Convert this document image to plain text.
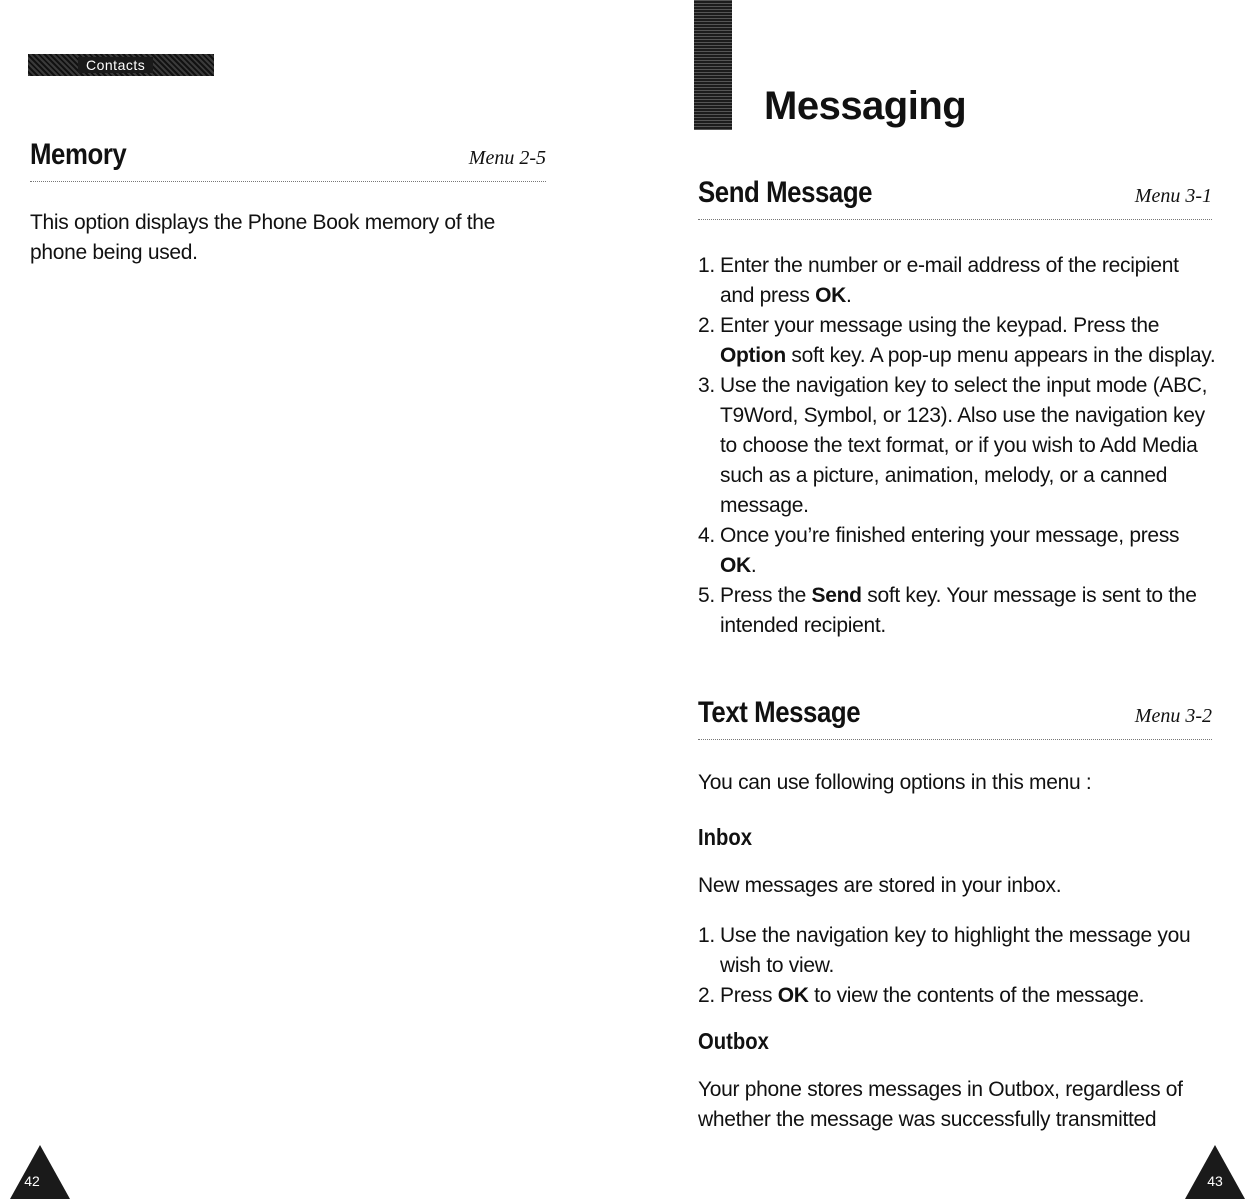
Contacts
Memory	Menu 2-5

This option displays the Phone Book memory of the phone being used.

42
Messaging
Send Message	Menu 3-1
1. Enter the number or e-mail address of the recipient and press OK.
2. Enter your message using the keypad. Press the Option soft key. A pop-up menu appears in the display.
3. Use the navigation key to select the input mode (ABC, T9Word, Symbol, or 123). Also use the navigation key to choose the text format, or if you wish to Add Media such as a picture, animation, melody, or a canned message.
4. Once you’re finished entering your message, press OK.
5. Press the Send soft key. Your message is sent to the intended recipient.
Text Message	Menu 3-2

You can use following options in this menu :

Inbox

New messages are stored in your inbox.

1. Use the navigation key to highlight the message you wish to view.
2. Press OK to view the contents of the message.
Outbox

Your phone stores messages in Outbox, regardless of whether the message was successfully transmitted

43
